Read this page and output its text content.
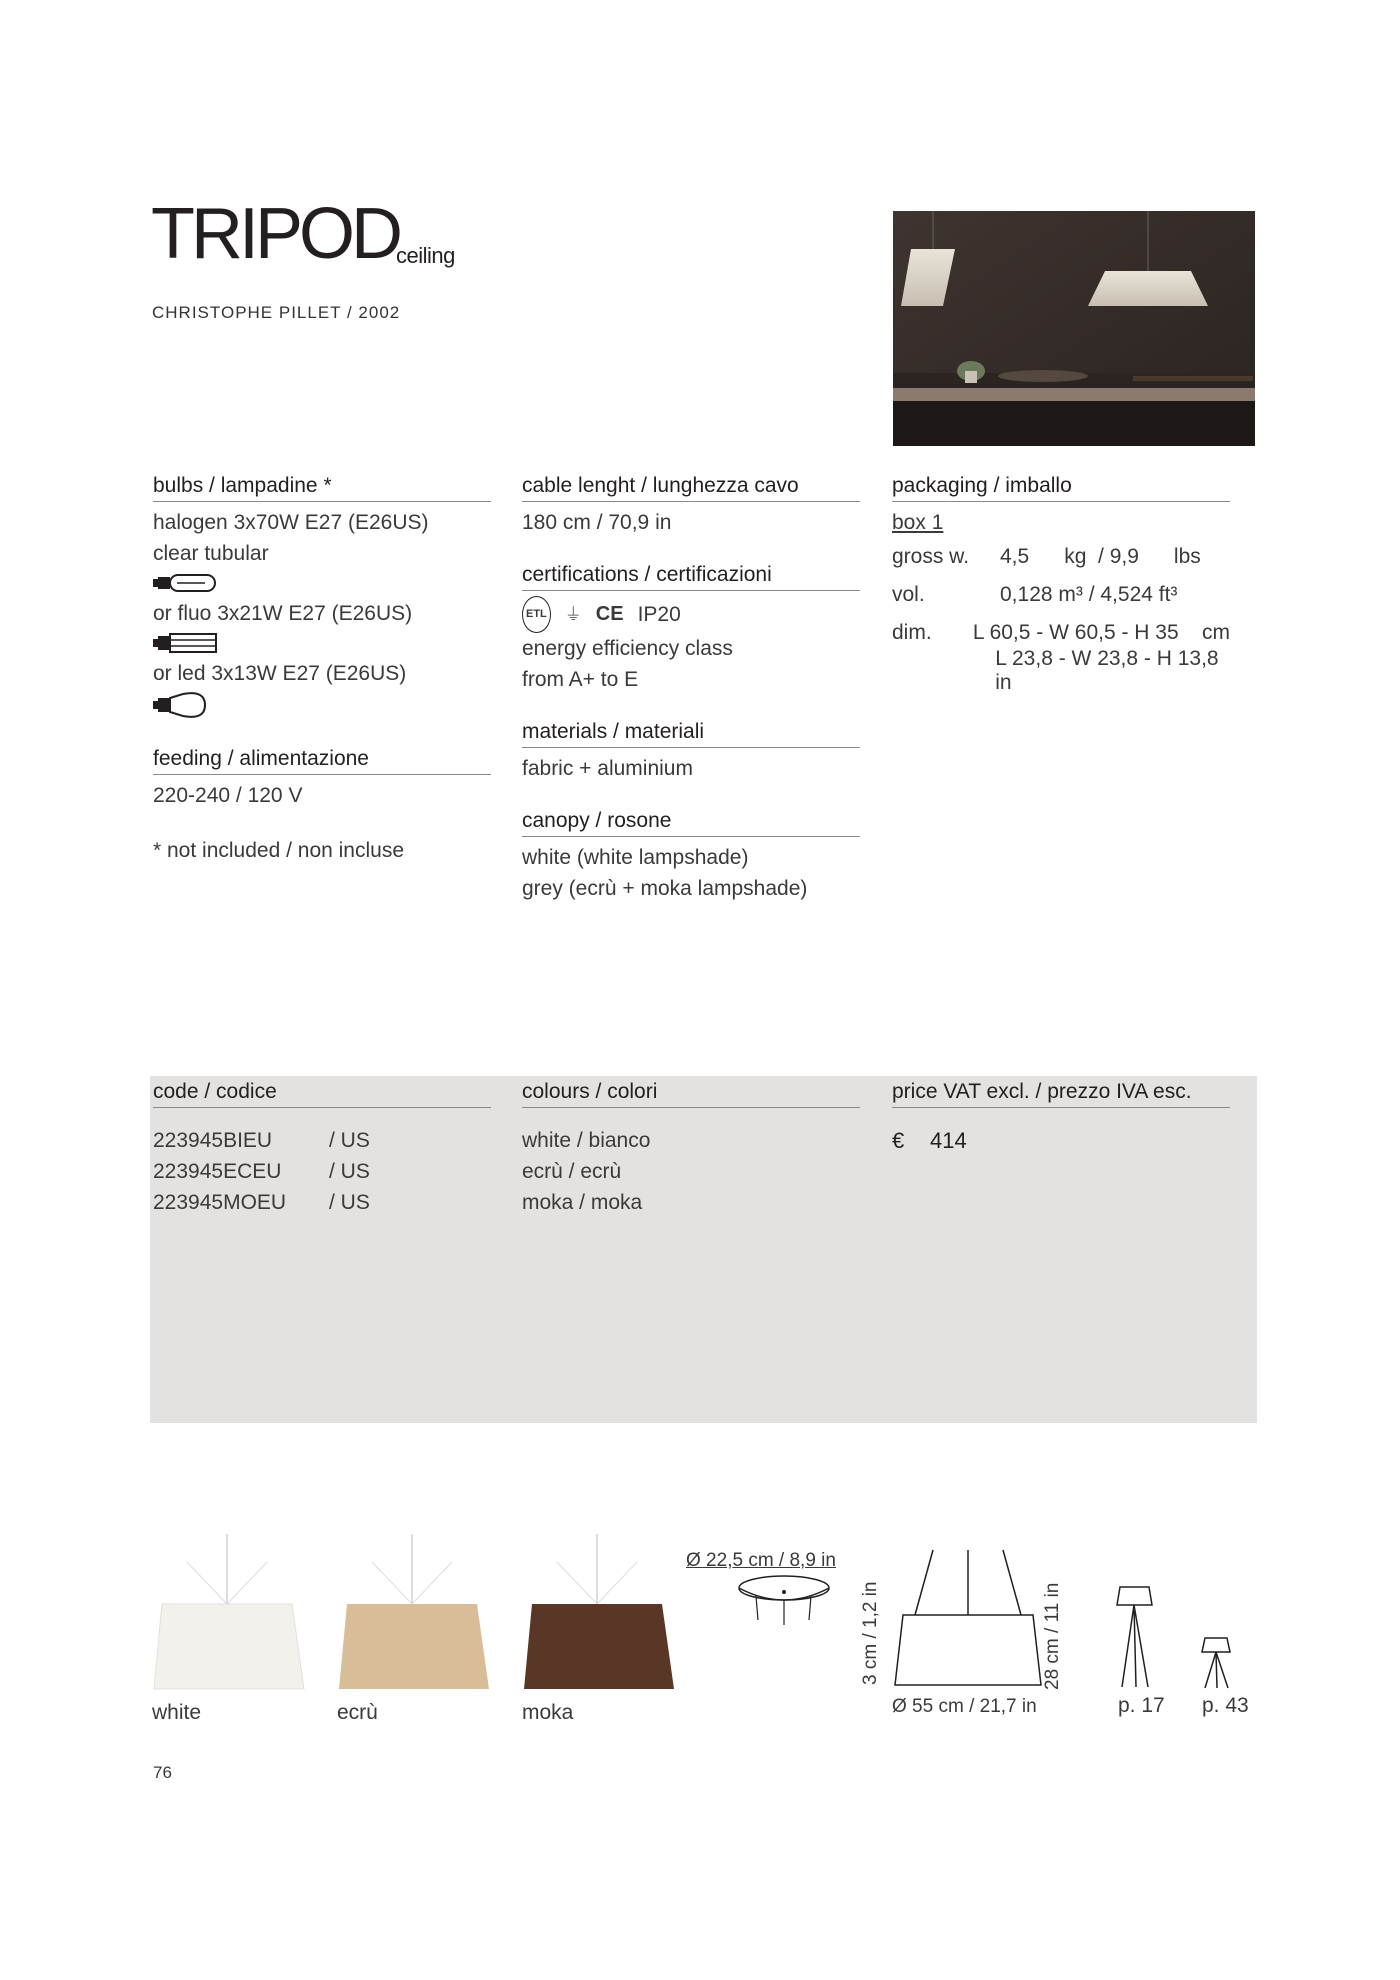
TRIPOD
ceiling
CHRISTOPHE PILLET / 2002
bulbs / lampadine *
halogen 3x70W E27 (E26US)
clear tubular
or fluo 3x21W E27 (E26US)
or led 3x13W E27 (E26US)
feeding / alimentazione
220-240 / 120 V
* not included / non incluse
cable lenght / lunghezza cavo
180 cm / 70,9 in
certifications / certificazioni
ETL ⏚ CE IP20
energy efficiency class
from A+ to E
materials / materiali
fabric + aluminium
canopy / rosone
white (white lampshade)
grey (ecrù + moka lampshade)
packaging / imballo
box 1
gross w.	4,5      kg  / 9,9      lbs
vol.	0,128 m³ / 4,524 ft³
dim.	L 60,5 - W 60,5 - H 35    cm
L 23,8 - W 23,8 - H 13,8 in
code / codice
223945BIEU	/ US
223945ECEU	/ US
223945MOEU	/ US
colours / colori
white / bianco
ecrù / ecrù
moka / moka
price VAT excl. / prezzo IVA esc.
€	414
white	ecrù	moka
Ø 22,5 cm / 8,9 in
3 cm / 1,2 in	28 cm / 11 in
Ø 55 cm / 21,7 in	p. 17 p. 43
76
